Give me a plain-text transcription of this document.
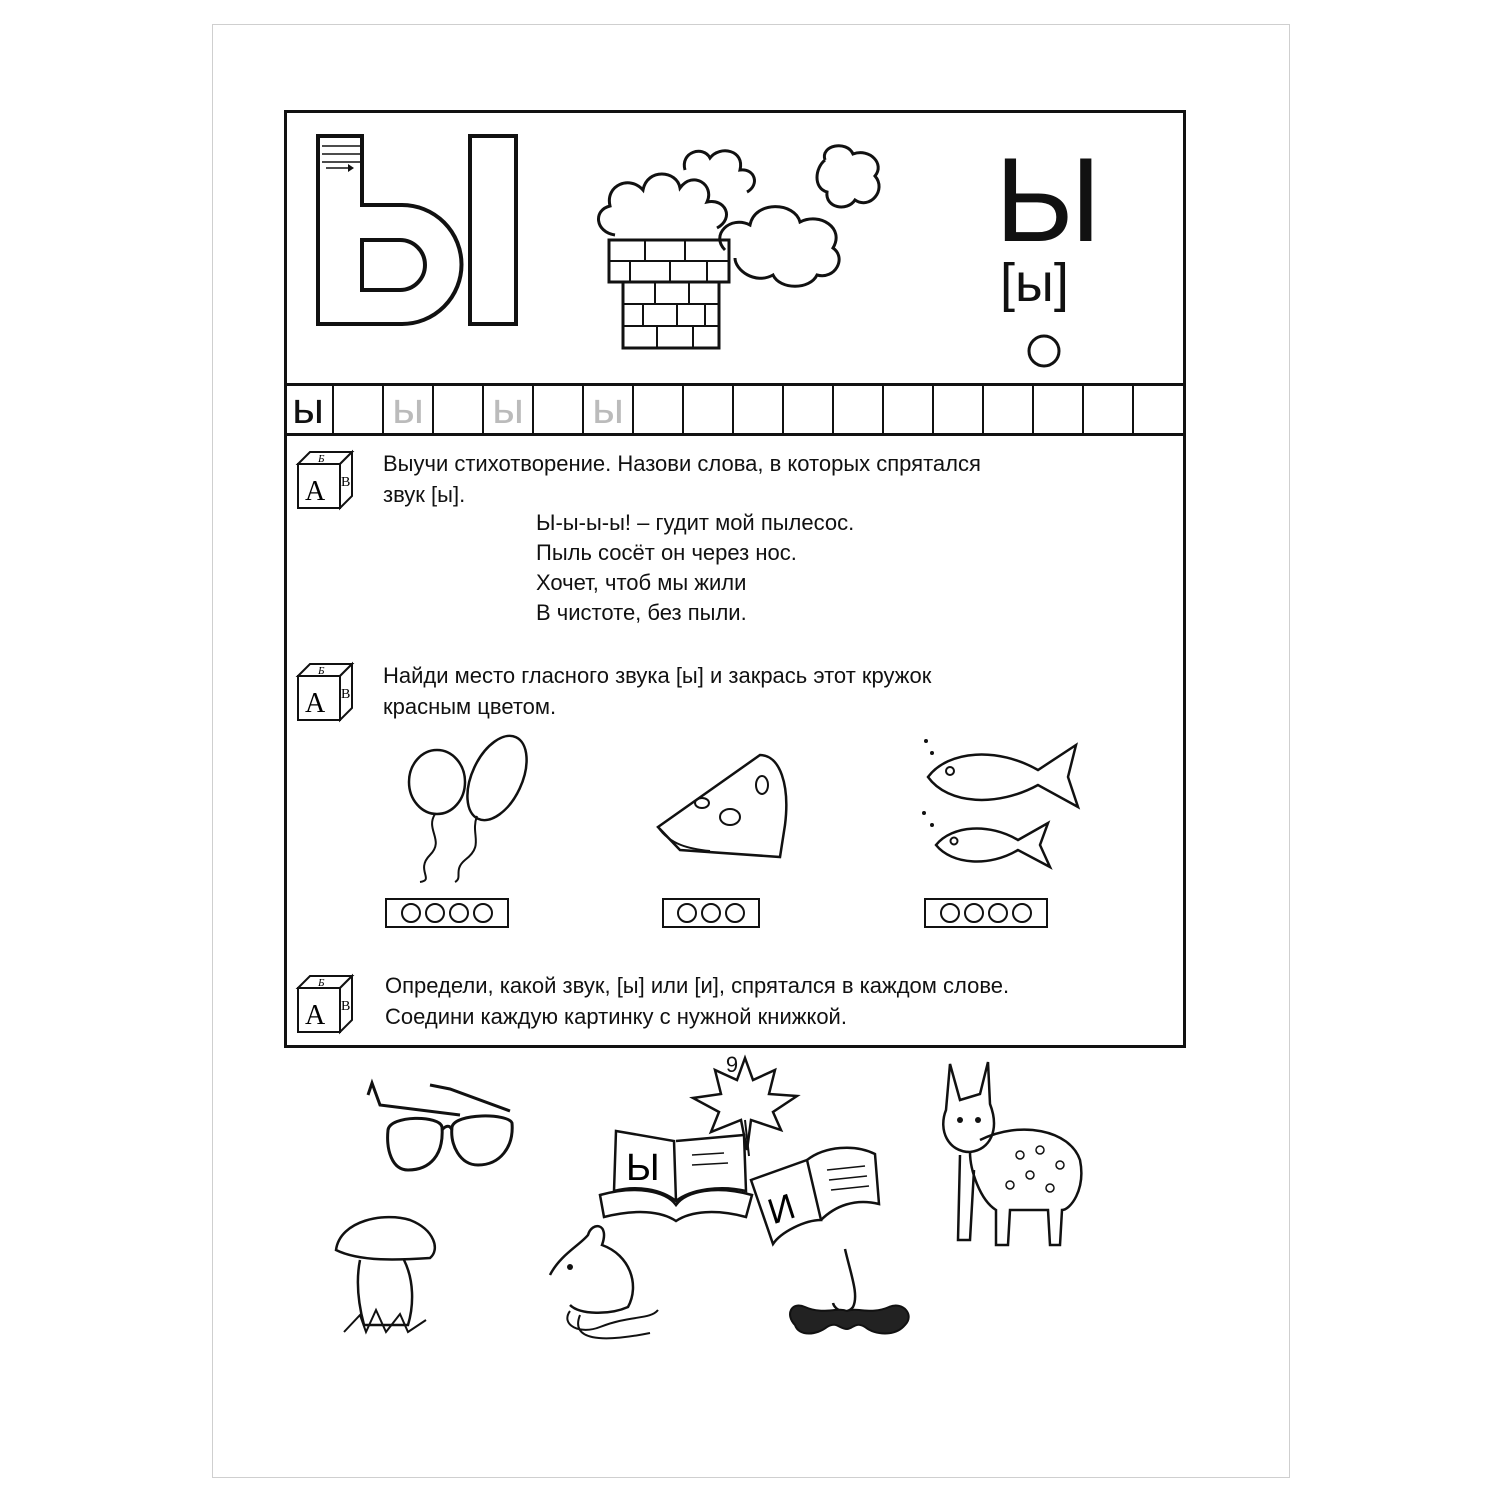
Ы
[ы]
ы ы ы ы
Б
А В
Выучи стихотворение. Назови слова, в которых спрятался
звук [ы].
Ы-ы-ы-ы! – гудит мой пылесос.
Пыль сосёт он через нос.
Хочет, чтоб мы жили
В чистоте, без пыли.
Б
А В
Найди место гласного звука [ы] и закрась этот кружок
красным цветом.
Б
А В
Определи, какой звук, [ы] или [и], спрятался в каждом слове.
Соедини каждую картинку с нужной книжкой.
Ы
И
9
